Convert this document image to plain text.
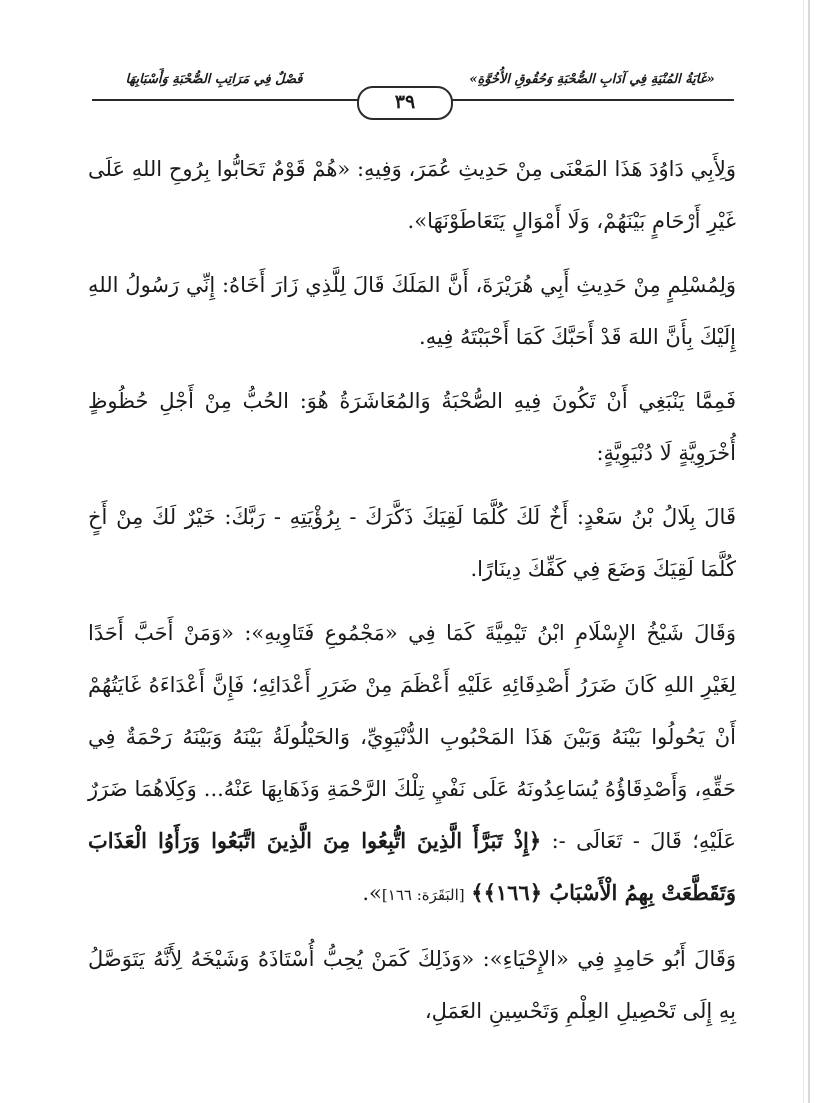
«غَايَةُ المُنْيَةِ فِي آدَابِ الصُّحْبَةِ وَحُقُوقِ الأُخُوَّةِ»
فَصْلٌ فِي مَرَاتِبِ الصُّحْبَةِ وَأَسْبَابِهَا
٣٩

وَلِأَبِي دَاوُدَ هَذَا المَعْنَى مِنْ حَدِيثِ عُمَرَ، وَفِيهِ: «هُمْ قَوْمٌ تَحَابُّوا بِرُوحِ اللهِ عَلَى غَيْرِ أَرْحَامٍ بَيْنَهُمْ، وَلَا أَمْوَالٍ يَتَعَاطَوْنَهَا».

وَلِمُسْلِمٍ مِنْ حَدِيثِ أَبِي هُرَيْرَةَ، أَنَّ المَلَكَ قَالَ لِلَّذِي زَارَ أَخَاهُ: إِنِّي رَسُولُ اللهِ إِلَيْكَ بِأَنَّ اللهَ قَدْ أَحَبَّكَ كَمَا أَحْبَبْتَهُ فِيهِ.

فَمِمَّا يَنْبَغِي أَنْ تَكُونَ فِيهِ الصُّحْبَةُ وَالمُعَاشَرَةُ هُوَ: الحُبُّ مِنْ أَجْلِ حُظُوظٍ أُخْرَوِيَّةٍ لَا دُنْيَوِيَّةٍ:

قَالَ بِلَالُ بْنُ سَعْدٍ: أَخٌ لَكَ كُلَّمَا لَقِيَكَ ذَكَّرَكَ - بِرُؤْيَتِهِ - رَبَّكَ: خَيْرٌ لَكَ مِنْ أَخٍ كُلَّمَا لَقِيَكَ وَضَعَ فِي كَفِّكَ دِينَارًا.

وَقَالَ شَيْخُ الإِسْلَامِ ابْنُ تَيْمِيَّةَ كَمَا فِي «مَجْمُوعِ فَتَاوِيهِ»: «وَمَنْ أَحَبَّ أَحَدًا لِغَيْرِ اللهِ كَانَ ضَرَرُ أَصْدِقَائِهِ عَلَيْهِ أَعْظَمَ مِنْ ضَرَرِ أَعْدَائِهِ؛ فَإِنَّ أَعْدَاءَهُ غَايَتُهُمْ أَنْ يَحُولُوا بَيْنَهُ وَبَيْنَ هَذَا المَحْبُوبِ الدُّنْيَوِيِّ، وَالحَيْلُولَةُ بَيْنَهُ وَبَيْنَهُ رَحْمَةٌ فِي حَقِّهِ، وَأَصْدِقَاؤُهُ يُسَاعِدُونَهُ عَلَى نَفْيِ تِلْكَ الرَّحْمَةِ وَذَهَابِهَا عَنْهُ... وَكِلَاهُمَا ضَرَرٌ عَلَيْهِ؛ قَالَ - تَعَالَى -: ﴿إِذْ تَبَرَّأَ الَّذِينَ اتُّبِعُوا مِنَ الَّذِينَ اتَّبَعُوا وَرَأَوُا الْعَذَابَ وَتَقَطَّعَتْ بِهِمُ الْأَسْبَابُ ﴿١٦٦﴾﴾ [البَقَرَة: ١٦٦]».

وَقَالَ أَبُو حَامِدٍ فِي «الإِحْيَاءِ»: «وَذَلِكَ كَمَنْ يُحِبُّ أُسْتَاذَهُ وَشَيْخَهُ لِأَنَّهُ يَتَوَصَّلُ بِهِ إِلَى تَحْصِيلِ العِلْمِ وَتَحْسِينِ العَمَلِ،
